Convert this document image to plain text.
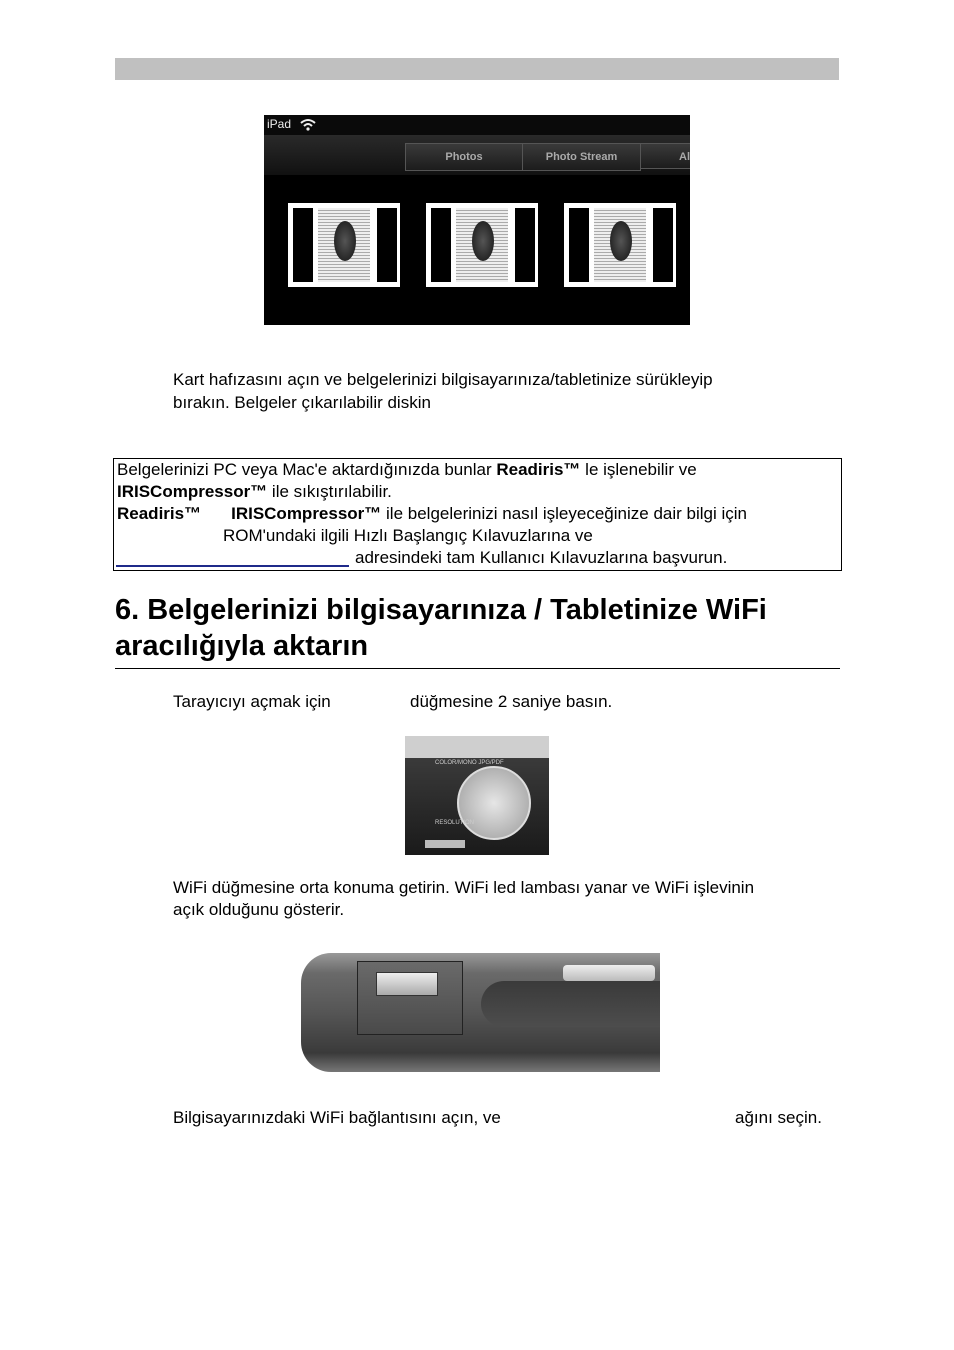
iPad
Photos	Photo Stream	Al
Kart hafızasını açın ve belgelerinizi bilgisayarınıza/tabletinize sürükleyip
bırakın. Belgeler çıkarılabilir diskin
Belgelerinizi PC veya Mac'e aktardığınızda bunlar Readiris™ le işlenebilir ve
IRISCompressor™ ile sıkıştırılabilir.
Readiris™ IRISCompressor™ ile belgelerinizi nasıl işleyeceğinize dair bilgi için
ROM'undaki ilgili Hızlı Başlangıç Kılavuzlarına ve
adresindeki tam Kullanıcı Kılavuzlarına başvurun.
6. Belgelerinizi bilgisayarınıza / Tabletinize WiFi
aracılığıyla aktarın
Tarayıcıyı açmak için	düğmesine 2 saniye basın.
COLOR/MONO JPG/PDF
RESOLUTION
WiFi düğmesine orta konuma getirin. WiFi led lambası yanar ve WiFi işlevinin
açık olduğunu gösterir.
Bilgisayarınızdaki WiFi bağlantısını açın, ve	ağını seçin.
